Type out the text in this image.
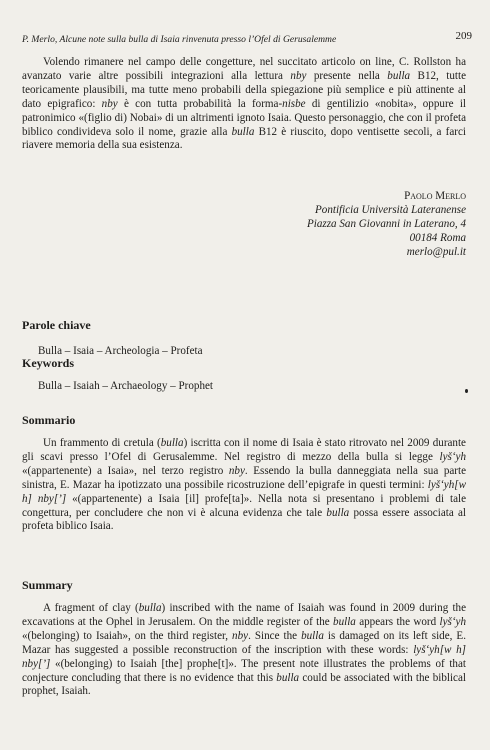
P. Merlo, Alcune note sulla bulla di Isaia rinvenuta presso l’Ofel di Gerusalemme	209

Volendo rimanere nel campo delle congetture, nel succitato articolo on line, C. Rollston ha avanzato varie altre possibili integrazioni alla lettura nby presente nella bulla B12, tutte teoricamente plausibili, ma tutte meno probabili della spiegazione più semplice e più attinente al dato epigrafico: nby è con tutta probabilità la forma-nisbe di gentilizio «nobita», oppure il patronimico «(figlio di) Nobai» di un altrimenti ignoto Isaia. Questo personaggio, che con il profeta biblico condivideva solo il nome, grazie alla bulla B12 è riuscito, dopo ventisette secoli, a farci riavere memoria della sua esistenza.

Paolo Merlo
Pontificia Università Lateranense
Piazza San Giovanni in Laterano, 4
00184 Roma
merlo@pul.it
Parole chiave
Bulla – Isaia – Archeologia – Profeta
Keywords
Bulla – Isaiah – Archaeology – Prophet
Sommario

Un frammento di cretula (bulla) iscritta con il nome di Isaia è stato ritrovato nel 2009 durante gli scavi presso l’Ofel di Gerusalemme. Nel registro di mezzo della bulla si legge lyš‘yh «(appartenente) a Isaia», nel terzo registro nby. Essendo la bulla danneggiata nella sua parte sinistra, E. Mazar ha ipotizzato una possibile ricostruzione dell’epigrafe in questi termini: lyš‘yh[w h] nby[’] «(appartenente) a Isaia [il] profe[ta]». Nella nota si presentano i problemi di tale congettura, per concludere che non vi è alcuna evidenza che tale bulla possa essere associata al profeta biblico Isaia.

Summary

A fragment of clay (bulla) inscribed with the name of Isaiah was found in 2009 during the excavations at the Ophel in Jerusalem. On the middle register of the bulla appears the word lyš‘yh «(belonging) to Isaiah», on the third register, nby. Since the bulla is damaged on its left side, E. Mazar has suggested a possible reconstruction of the inscription with these words: lyš‘yh[w h] nby[’] «(belonging) to Isaiah [the] prophe[t]». The present note illustrates the problems of that conjecture concluding that there is no evidence that this bulla could be associated with the biblical prophet, Isaiah.
